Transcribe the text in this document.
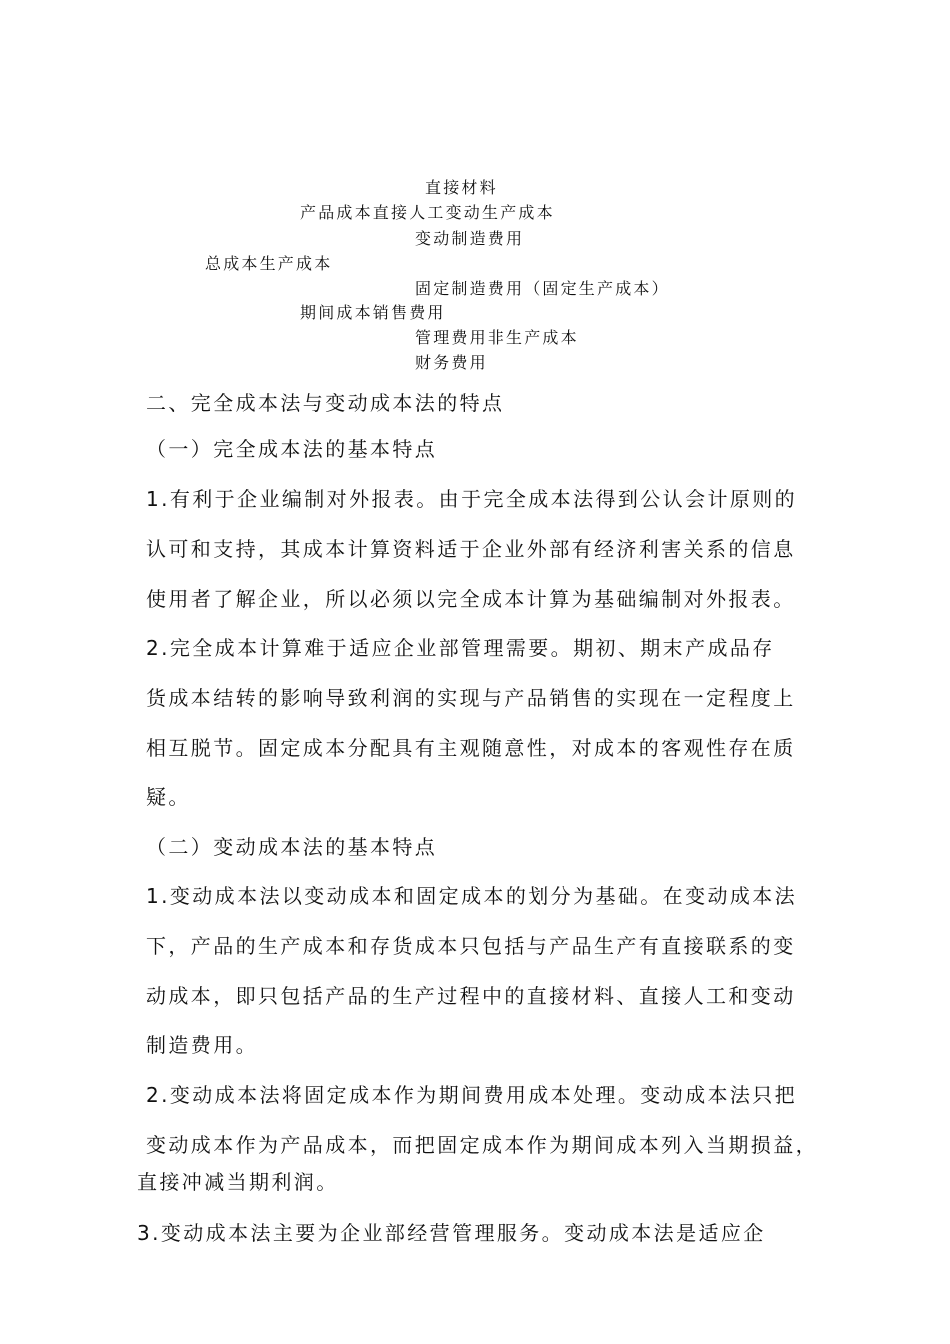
直接材料
产品成本直接人工变动生产成本
变动制造费用
总成本生产成本
固定制造费用（固定生产成本）
期间成本销售费用
管理费用非生产成本
财务费用
二、完全成本法与变动成本法的特点
（一）完全成本法的基本特点
1.有利于企业编制对外报表。由于完全成本法得到公认会计原则的
认可和支持，其成本计算资料适于企业外部有经济利害关系的信息
使用者了解企业，所以必须以完全成本计算为基础编制对外报表。
2.完全成本计算难于适应企业部管理需要。期初、期末产成品存
货成本结转的影响导致利润的实现与产品销售的实现在一定程度上
相互脱节。固定成本分配具有主观随意性，对成本的客观性存在质
疑。
（二）变动成本法的基本特点
1.变动成本法以变动成本和固定成本的划分为基础。在变动成本法
下，产品的生产成本和存货成本只包括与产品生产有直接联系的变
动成本，即只包括产品的生产过程中的直接材料、直接人工和变动
制造费用。
2.变动成本法将固定成本作为期间费用成本处理。变动成本法只把
变动成本作为产品成本，而把固定成本作为期间成本列入当期损益，
直接冲减当期利润。
3.变动成本法主要为企业部经营管理服务。变动成本法是适应企
